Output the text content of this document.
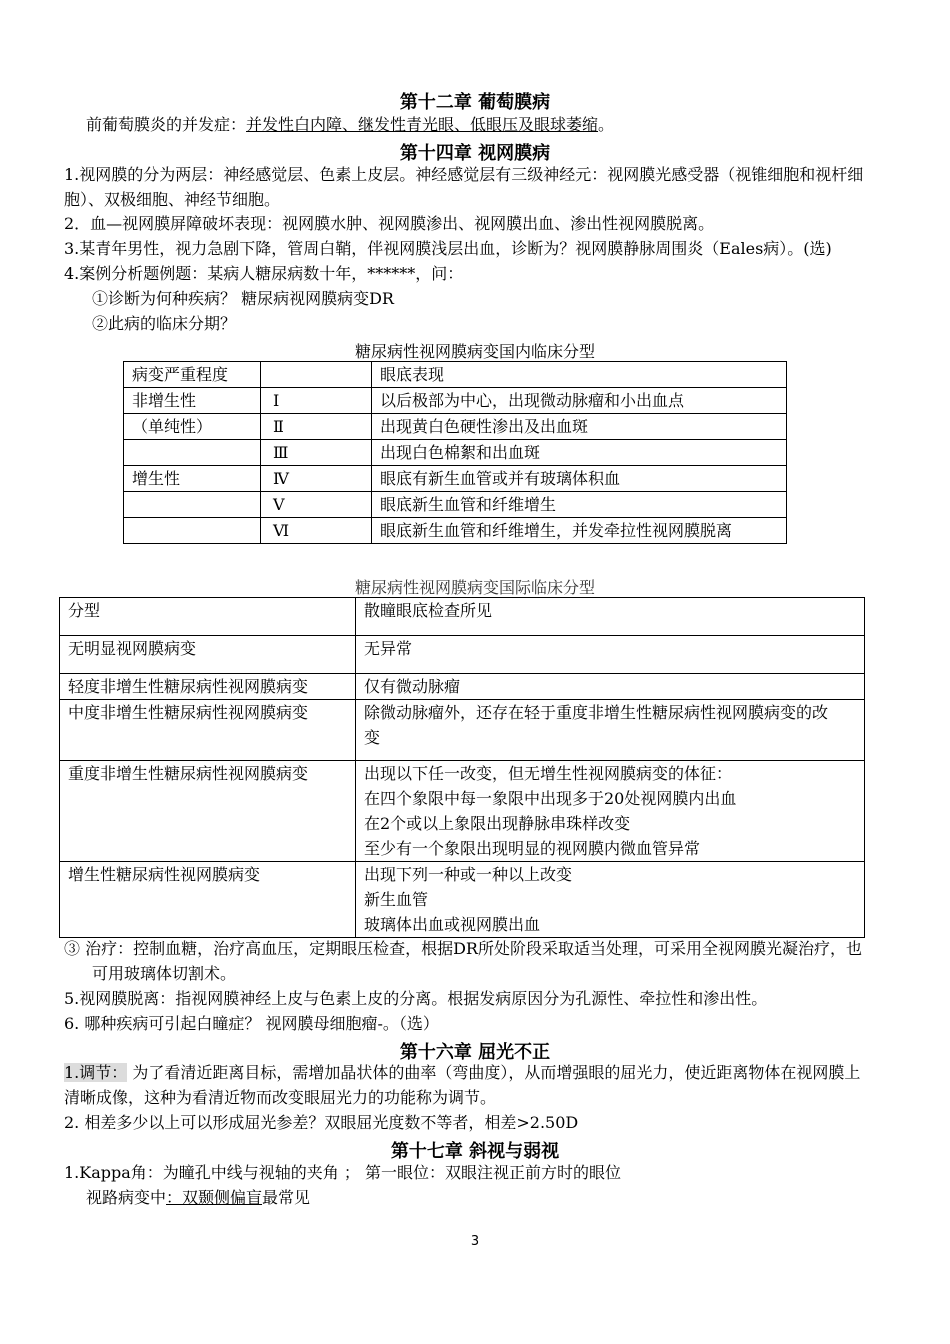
第十二章 葡萄膜病
前葡萄膜炎的并发症：并发性白内障、继发性青光眼、低眼压及眼球萎缩。
第十四章 视网膜病
1.视网膜的分为两层：神经感觉层、色素上皮层。神经感觉层有三级神经元：视网膜光感受器（视锥细胞和视杆细
胞）、双极细胞、神经节细胞。
2．血—视网膜屏障破坏表现：视网膜水肿、视网膜渗出、视网膜出血、渗出性视网膜脱离。
3.某青年男性，视力急剧下降，管周白鞘，伴视网膜浅层出血，诊断为？视网膜静脉周围炎（Eales病）。(选)
4.案例分析题例题：某病人糖尿病数十年，******，问：
①诊断为何种疾病？ 糖尿病视网膜病变DR
②此病的临床分期？
糖尿病性视网膜病变国内临床分型
病变严重程度		眼底表现
非增生性	Ⅰ	以后极部为中心，出现微动脉瘤和小出血点
（单纯性）	Ⅱ	出现黄白色硬性渗出及出血斑
	Ⅲ	出现白色棉絮和出血斑
增生性	Ⅳ	眼底有新生血管或并有玻璃体积血
	Ⅴ	眼底新生血管和纤维增生
	Ⅵ	眼底新生血管和纤维增生，并发牵拉性视网膜脱离
糖尿病性视网膜病变国际临床分型
分型	散瞳眼底检查所见
无明显视网膜病变	无异常

轻度非增生性糖尿病性视网膜病变	仅有微动脉瘤

中度非增生性糖尿病性视网膜病变	除微动脉瘤外，还存在轻于重度非增生性糖尿病性视网膜病变的改
变

重度非增生性糖尿病性视网膜病变	出现以下任一改变，但无增生性视网膜病变的体征：
在四个象限中每一象限中出现多于20处视网膜内出血
在2个或以上象限出现静脉串珠样改变
至少有一个象限出现明显的视网膜内微血管异常

增生性糖尿病性视网膜病变	出现下列一种或一种以上改变
新生血管
玻璃体出血或视网膜出血
③ 治疗：控制血糖，治疗高血压，定期眼压检查，根据DR所处阶段采取适当处理，可采用全视网膜光凝治疗，也
可用玻璃体切割术。
5.视网膜脱离：指视网膜神经上皮与色素上皮的分离。根据发病原因分为孔源性、牵拉性和渗出性。
6. 哪种疾病可引起白瞳症？ 视网膜母细胞瘤-。（选）
第十六章 屈光不正
1.调节： 为了看清近距离目标，需增加晶状体的曲率（弯曲度），从而增强眼的屈光力，使近距离物体在视网膜上
清晰成像，这种为看清近物而改变眼屈光力的功能称为调节。
2. 相差多少以上可以形成屈光参差？双眼屈光度数不等者，相差>2.50D
第十七章 斜视与弱视
1.Kappa角：为瞳孔中线与视轴的夹角 ； 第一眼位：双眼注视正前方时的眼位
视路病变中：双颞侧偏盲最常见
3
